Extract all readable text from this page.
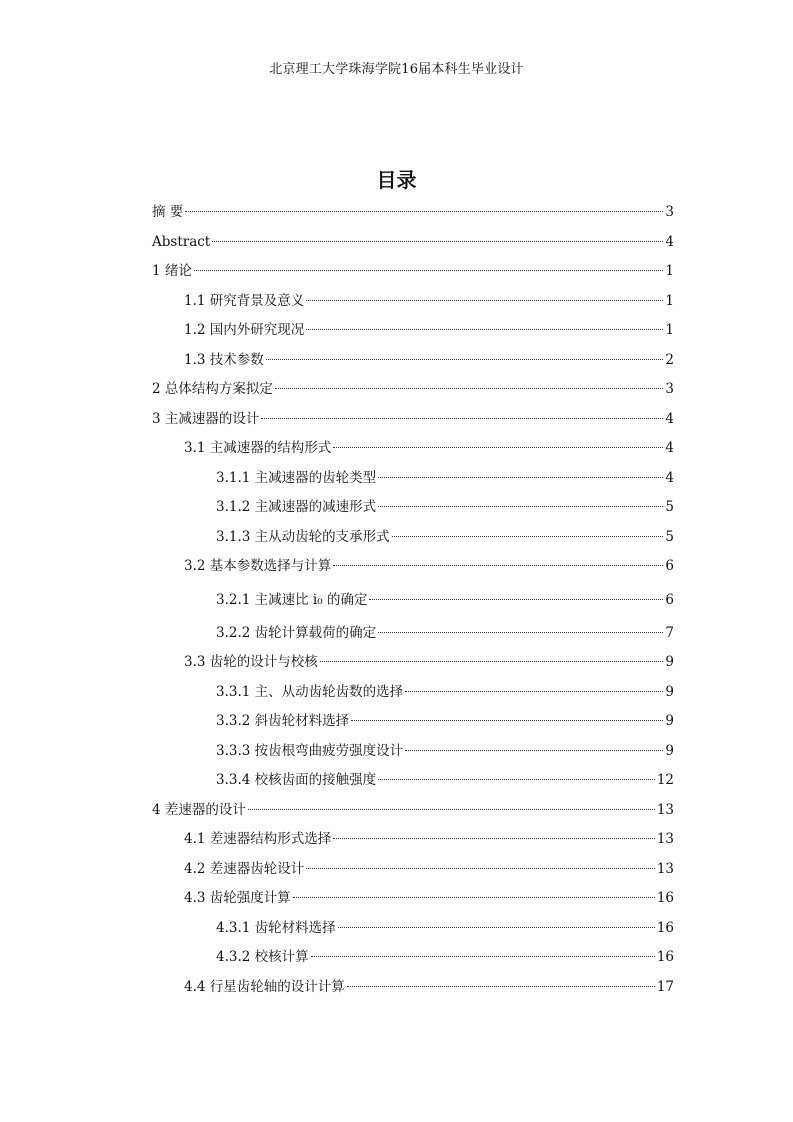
北京理工大学珠海学院16届本科生毕业设计
目录
摘 要	3
Abstract	4
1 绪论	1
1.1 研究背景及意义	1
1.2 国内外研究现况	1
1.3 技术参数	2
2 总体结构方案拟定	3
3 主减速器的设计	4
3.1 主减速器的结构形式	4
3.1.1 主减速器的齿轮类型	4
3.1.2 主减速器的减速形式	5
3.1.3 主从动齿轮的支承形式	5
3.2 基本参数选择与计算	6
3.2.1 主减速比 i₀ 的确定	6
3.2.2 齿轮计算载荷的确定	7
3.3 齿轮的设计与校核	9
3.3.1 主、从动齿轮齿数的选择	9
3.3.2 斜齿轮材料选择	9
3.3.3 按齿根弯曲疲劳强度设计	9
3.3.4 校核齿面的接触强度	12
4 差速器的设计	13
4.1 差速器结构形式选择	13
4.2 差速器齿轮设计	13
4.3 齿轮强度计算	16
4.3.1 齿轮材料选择	16
4.3.2 校核计算	16
4.4 行星齿轮轴的设计计算	17
